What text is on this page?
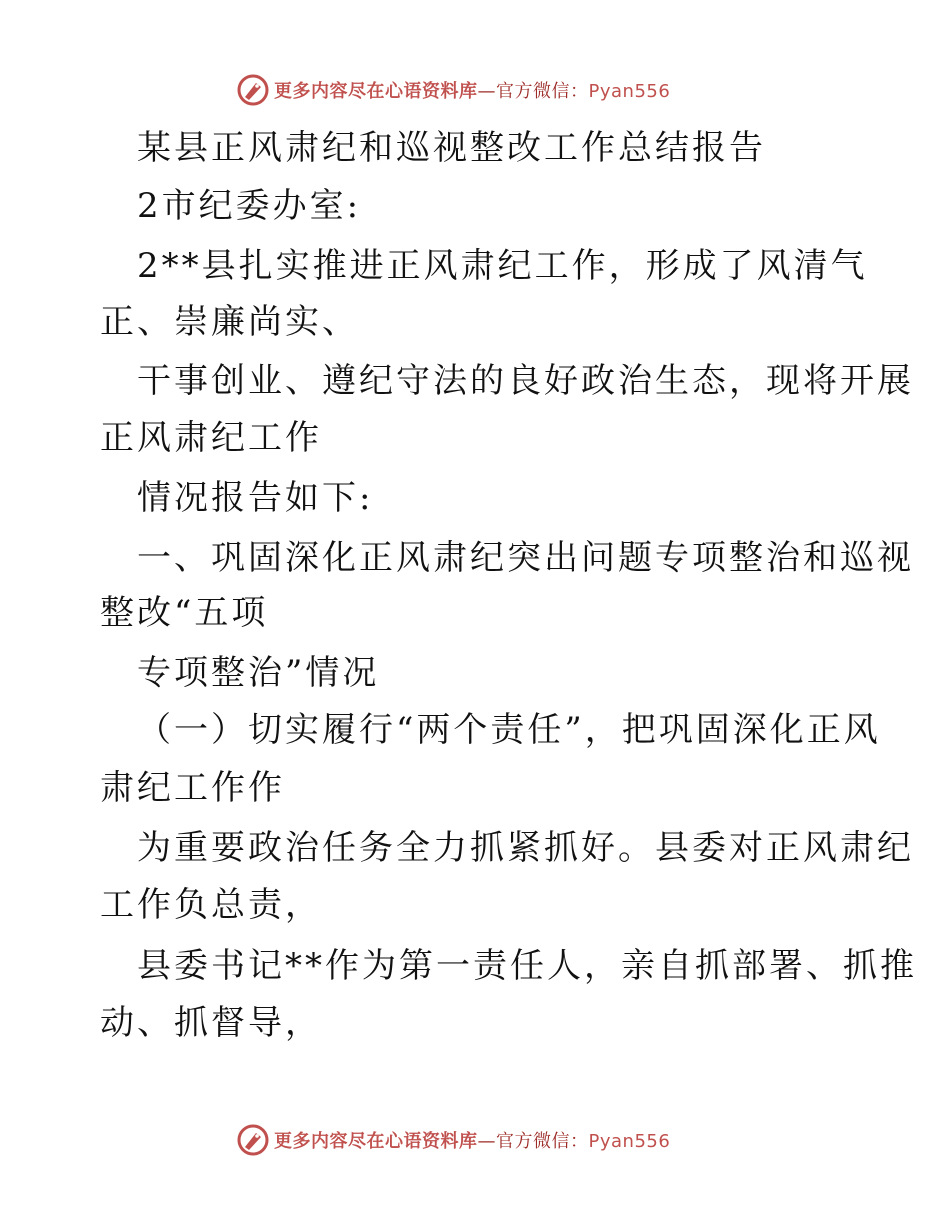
更多内容尽在心语资料库—官方微信：Pyan556
某县正风肃纪和巡视整改工作总结报告
2市纪委办室:
2**县扎实推进正风肃纪工作，形成了风清气
正、崇廉尚实、
干事创业、遵纪守法的良好政治生态，现将开展
正风肃纪工作
情况报告如下:
一、巩固深化正风肃纪突出问题专项整治和巡视
整改“五项
专项整治”情况
（一）切实履行“两个责任”，把巩固深化正风
肃纪工作作
为重要政治任务全力抓紧抓好。县委对正风肃纪
工作负总责，
县委书记**作为第一责任人，亲自抓部署、抓推
动、抓督导，
更多内容尽在心语资料库—官方微信：Pyan556
